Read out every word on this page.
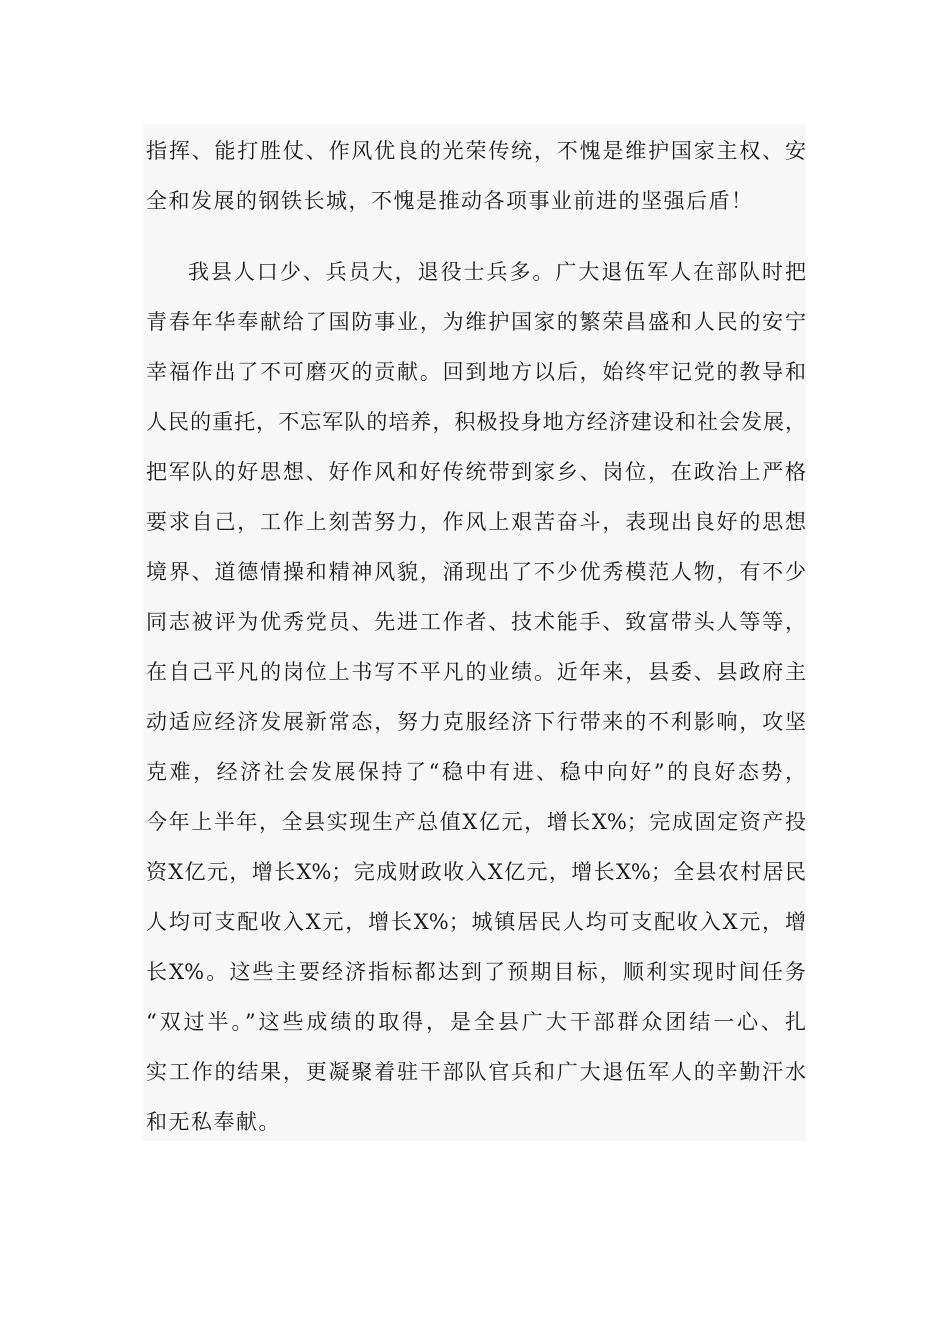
指挥、能打胜仗、作风优良的光荣传统，不愧是维护国家主权、安
全和发展的钢铁长城，不愧是推动各项事业前进的坚强后盾！
我县人口少、兵员大，退役士兵多。广大退伍军人在部队时把
青春年华奉献给了国防事业，为维护国家的繁荣昌盛和人民的安宁
幸福作出了不可磨灭的贡献。回到地方以后，始终牢记党的教导和
人民的重托，不忘军队的培养，积极投身地方经济建设和社会发展，
把军队的好思想、好作风和好传统带到家乡、岗位，在政治上严格
要求自己，工作上刻苦努力，作风上艰苦奋斗，表现出良好的思想
境界、道德情操和精神风貌，涌现出了不少优秀模范人物，有不少
同志被评为优秀党员、先进工作者、技术能手、致富带头人等等，
在自己平凡的岗位上书写不平凡的业绩。近年来，县委、县政府主
动适应经济发展新常态，努力克服经济下行带来的不利影响，攻坚
克难，经济社会发展保持了“稳中有进、稳中向好”的良好态势，
今年上半年，全县实现生产总值X亿元，增长X%；完成固定资产投
资X亿元，增长X%；完成财政收入X亿元，增长X%；全县农村居民
人均可支配收入X元，增长X%；城镇居民人均可支配收入X元，增
长X%。这些主要经济指标都达到了预期目标，顺利实现时间任务
“双过半。”这些成绩的取得，是全县广大干部群众团结一心、扎
实工作的结果，更凝聚着驻干部队官兵和广大退伍军人的辛勤汗水
和无私奉献。
